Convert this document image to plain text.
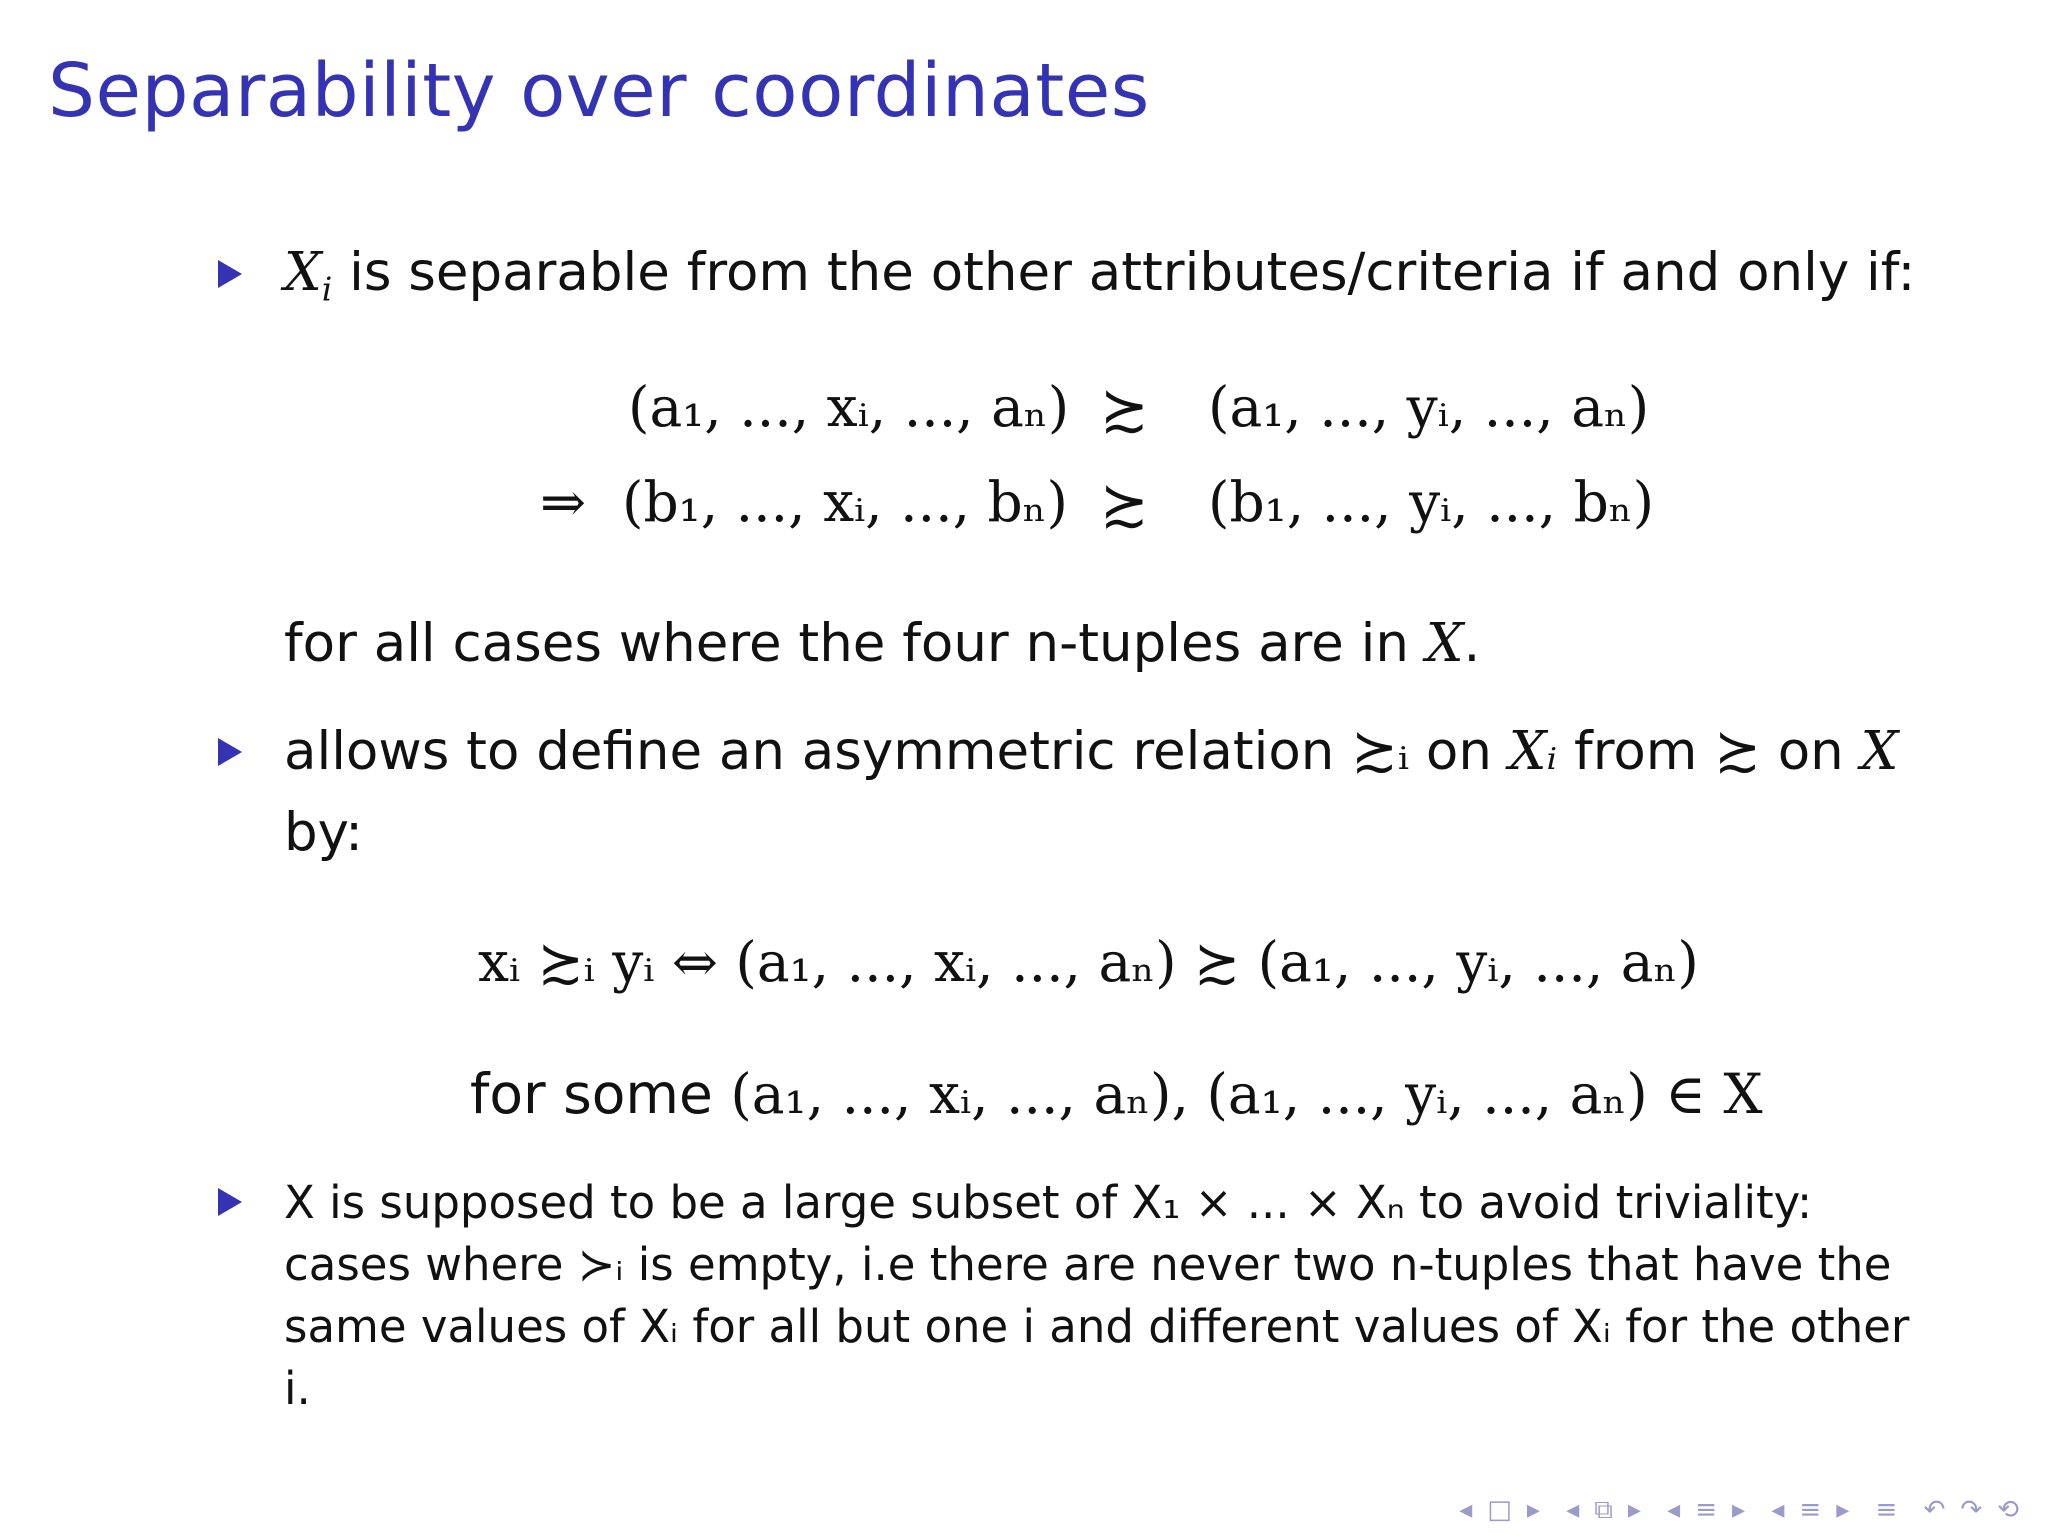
Separability over coordinates
$X_i$ is separable from the other attributes/criteria if and only if:
(a₁, ..., xᵢ, ..., aₙ) ≿ (a₁, ..., yᵢ, ..., aₙ)
⇒ (b₁, ..., xᵢ, ..., bₙ) ≿ (b₁, ..., yᵢ, ..., bₙ)
for all cases where the four n-tuples are in X.
allows to define an asymmetric relation ≿ᵢ on Xᵢ from ≿ on X
by:
xᵢ ≿ᵢ yᵢ ⇔ (a₁, ..., xᵢ, ..., aₙ) ≿ (a₁, ..., yᵢ, ..., aₙ)
for some (a₁, ..., xᵢ, ..., aₙ), (a₁, ..., yᵢ, ..., aₙ) ∈ X
X is supposed to be a large subset of X₁ × ... × Xₙ to avoid triviality:
cases where ≻ᵢ is empty, i.e there are never two n-tuples that have the
same values of Xᵢ for all but one i and different values of Xᵢ for the other
i.
◂ □ ▸ ◂ ⧉ ▸ ◂ ≡ ▸ ◂ ≡ ▸ ≡ ↶ ↷ ⟲
